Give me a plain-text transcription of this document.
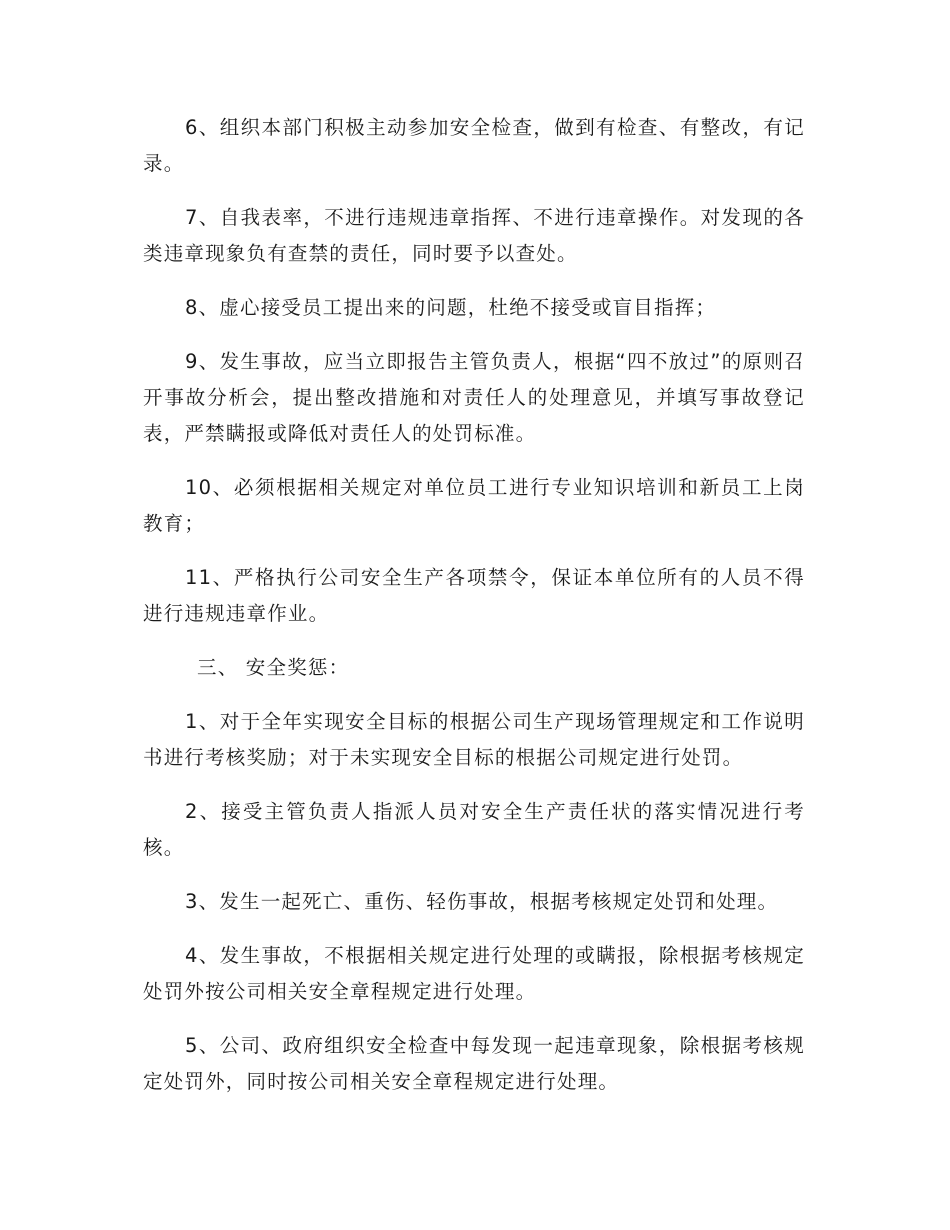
6、组织本部门积极主动参加安全检查，做到有检查、有整改，有记录。

7、自我表率，不进行违规违章指挥、不进行违章操作。对发现的各类违章现象负有查禁的责任，同时要予以查处。

8、虚心接受员工提出来的问题，杜绝不接受或盲目指挥；

9、发生事故，应当立即报告主管负责人，根据“四不放过”的原则召开事故分析会，提出整改措施和对责任人的处理意见，并填写事故登记表，严禁瞒报或降低对责任人的处罚标准。

10、必须根据相关规定对单位员工进行专业知识培训和新员工上岗教育；

11、严格执行公司安全生产各项禁令，保证本单位所有的人员不得进行违规违章作业。

三、 安全奖惩：

1、对于全年实现安全目标的根据公司生产现场管理规定和工作说明书进行考核奖励；对于未实现安全目标的根据公司规定进行处罚。

2、接受主管负责人指派人员对安全生产责任状的落实情况进行考核。

3、发生一起死亡、重伤、轻伤事故，根据考核规定处罚和处理。

4、发生事故，不根据相关规定进行处理的或瞒报，除根据考核规定处罚外按公司相关安全章程规定进行处理。

5、公司、政府组织安全检查中每发现一起违章现象，除根据考核规定处罚外，同时按公司相关安全章程规定进行处理。
